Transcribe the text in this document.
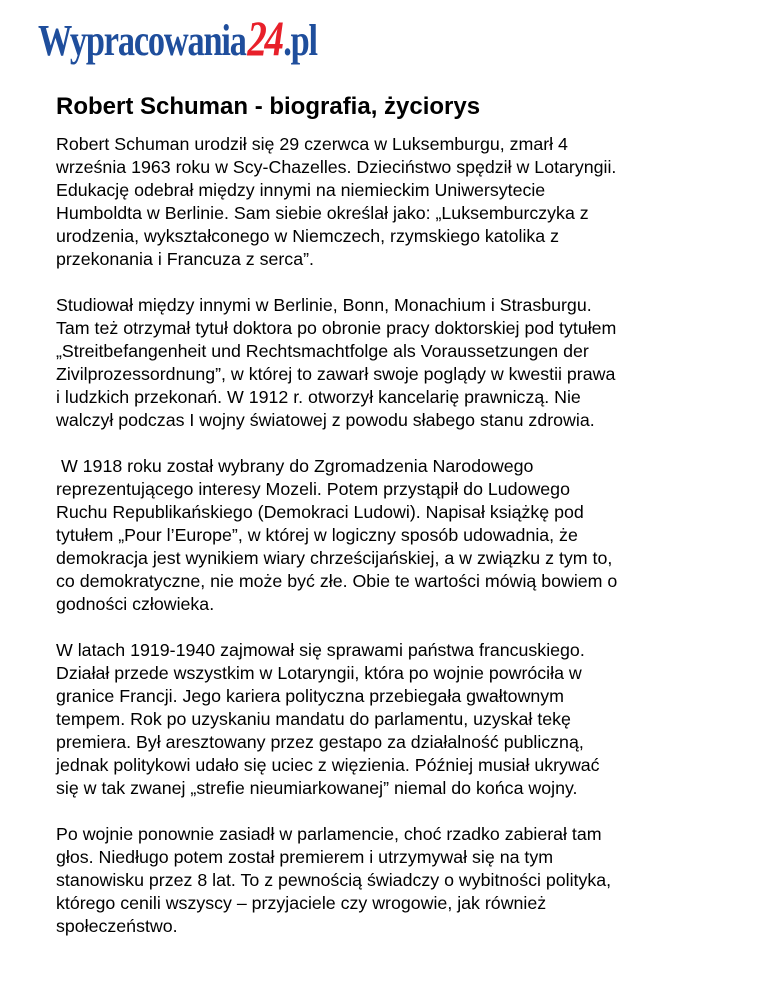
Wypracowania24.pl
Robert Schuman - biografia, życiorys

Robert Schuman urodził się 29 czerwca w Luksemburgu, zmarł 4
września 1963 roku w Scy-Chazelles. Dzieciństwo spędził w Lotaryngii.
Edukację odebrał między innymi na niemieckim Uniwersytecie
Humboldta w Berlinie. Sam siebie określał jako: „Luksemburczyka z
urodzenia, wykształconego w Niemczech, rzymskiego katolika z
przekonania i Francuza z serca”.

Studiował między innymi w Berlinie, Bonn, Monachium i Strasburgu.
Tam też otrzymał tytuł doktora po obronie pracy doktorskiej pod tytułem
„Streitbefangenheit und Rechtsmachtfolge als Voraussetzungen der
Zivilprozessordnung”, w której to zawarł swoje poglądy w kwestii prawa
i ludzkich przekonań. W 1912 r. otworzył kancelarię prawniczą. Nie
walczył podczas I wojny światowej z powodu słabego stanu zdrowia.

W 1918 roku został wybrany do Zgromadzenia Narodowego
reprezentującego interesy Mozeli. Potem przystąpił do Ludowego
Ruchu Republikańskiego (Demokraci Ludowi). Napisał książkę pod
tytułem „Pour l’Europe”, w której w logiczny sposób udowadnia, że
demokracja jest wynikiem wiary chrześcijańskiej, a w związku z tym to,
co demokratyczne, nie może być złe. Obie te wartości mówią bowiem o
godności człowieka.

W latach 1919-1940 zajmował się sprawami państwa francuskiego.
Działał przede wszystkim w Lotaryngii, która po wojnie powróciła w
granice Francji. Jego kariera polityczna przebiegała gwałtownym
tempem. Rok po uzyskaniu mandatu do parlamentu, uzyskał tekę
premiera. Był aresztowany przez gestapo za działalność publiczną,
jednak politykowi udało się uciec z więzienia. Później musiał ukrywać
się w tak zwanej „strefie nieumiarkowanej” niemal do końca wojny.

Po wojnie ponownie zasiadł w parlamencie, choć rzadko zabierał tam
głos. Niedługo potem został premierem i utrzymywał się na tym
stanowisku przez 8 lat. To z pewnością świadczy o wybitności polityka,
którego cenili wszyscy – przyjaciele czy wrogowie, jak również
społeczeństwo.
